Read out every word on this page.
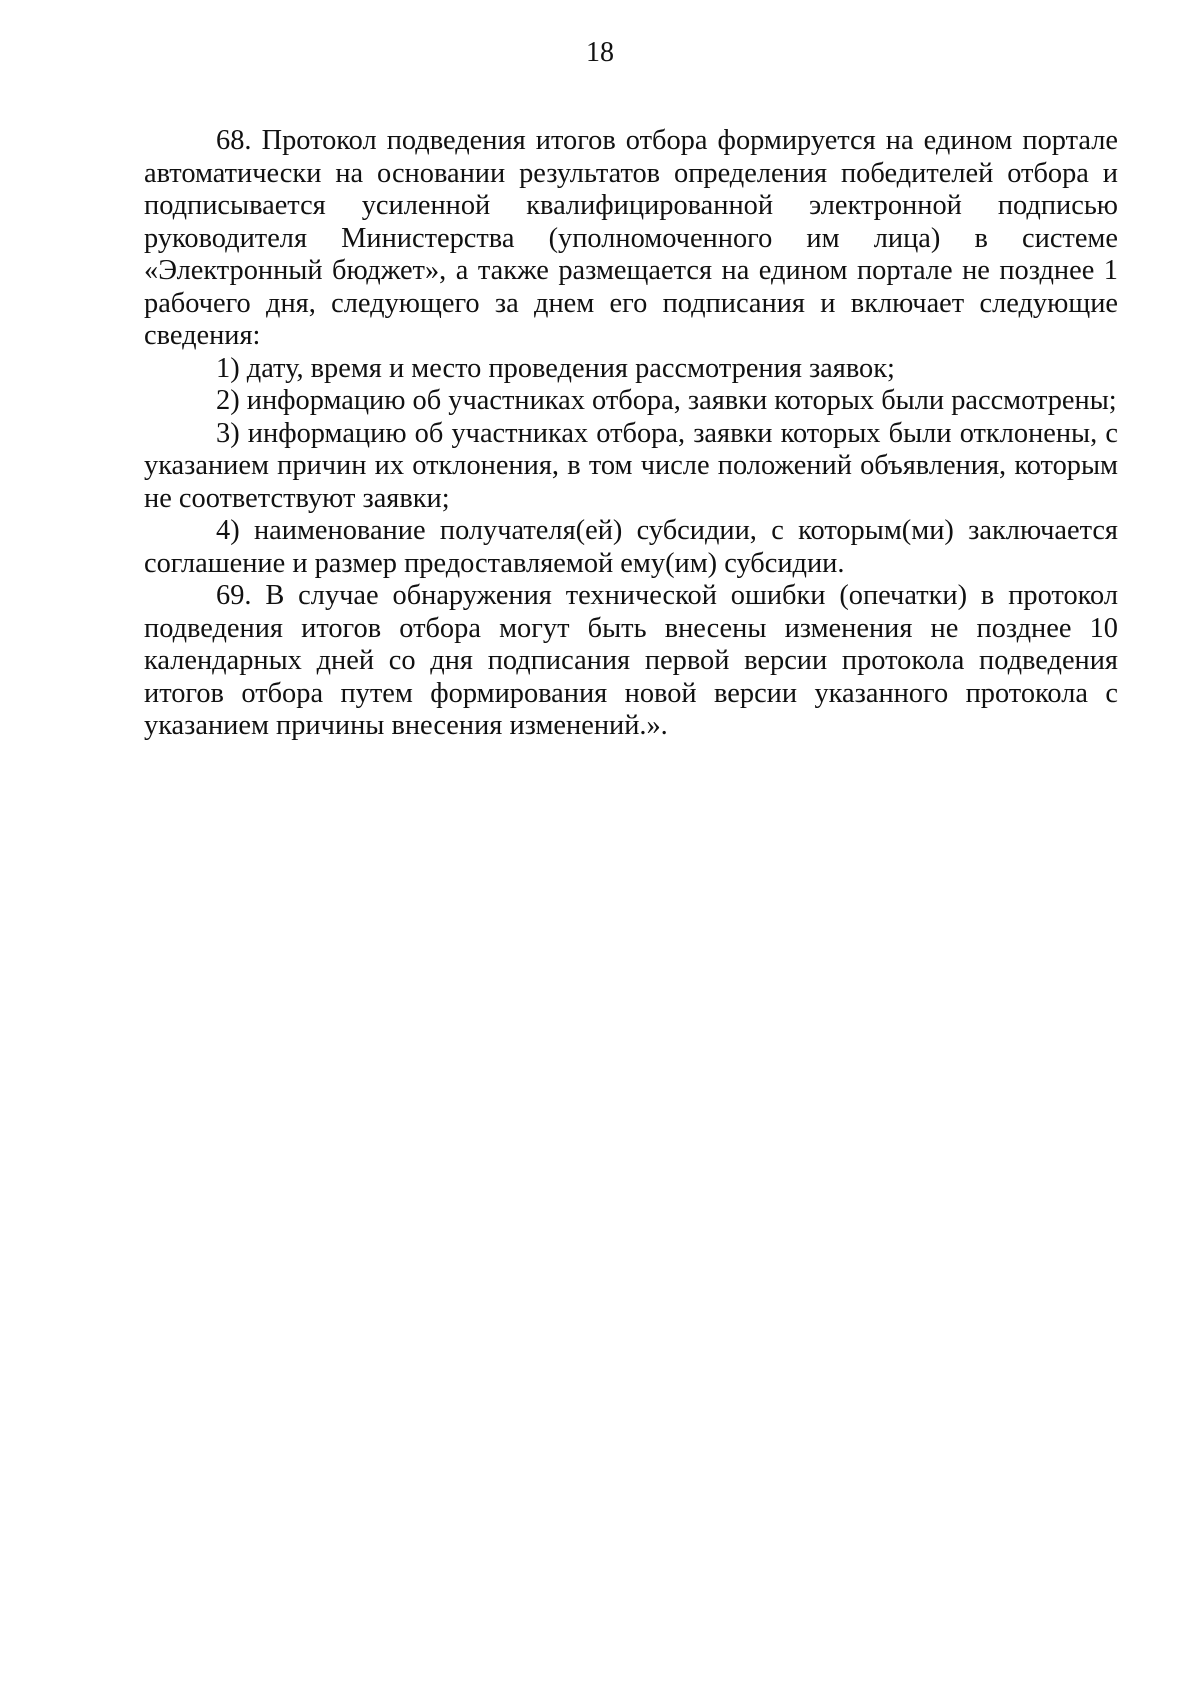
18

68. Протокол подведения итогов отбора формируется на едином портале автоматически на основании результатов определения победителей отбора и подписывается усиленной квалифицированной электронной подписью руководителя Министерства (уполномоченного им лица) в системе «Электронный бюджет», а также размещается на едином портале не позднее 1 рабочего дня, следующего за днем его подписания и включает следующие сведения:

1) дату, время и место проведения рассмотрения заявок;

2) информацию об участниках отбора, заявки которых были рассмотрены;

3) информацию об участниках отбора, заявки которых были отклонены, с указанием причин их отклонения, в том числе положений объявления, которым не соответствуют заявки;

4) наименование получателя(ей) субсидии, с которым(ми) заключается соглашение и размер предоставляемой ему(им) субсидии.

69. В случае обнаружения технической ошибки (опечатки) в протокол подведения итогов отбора могут быть внесены изменения не позднее 10 календарных дней со дня подписания первой версии протокола подведения итогов отбора путем формирования новой версии указанного протокола с указанием причины внесения изменений.».
